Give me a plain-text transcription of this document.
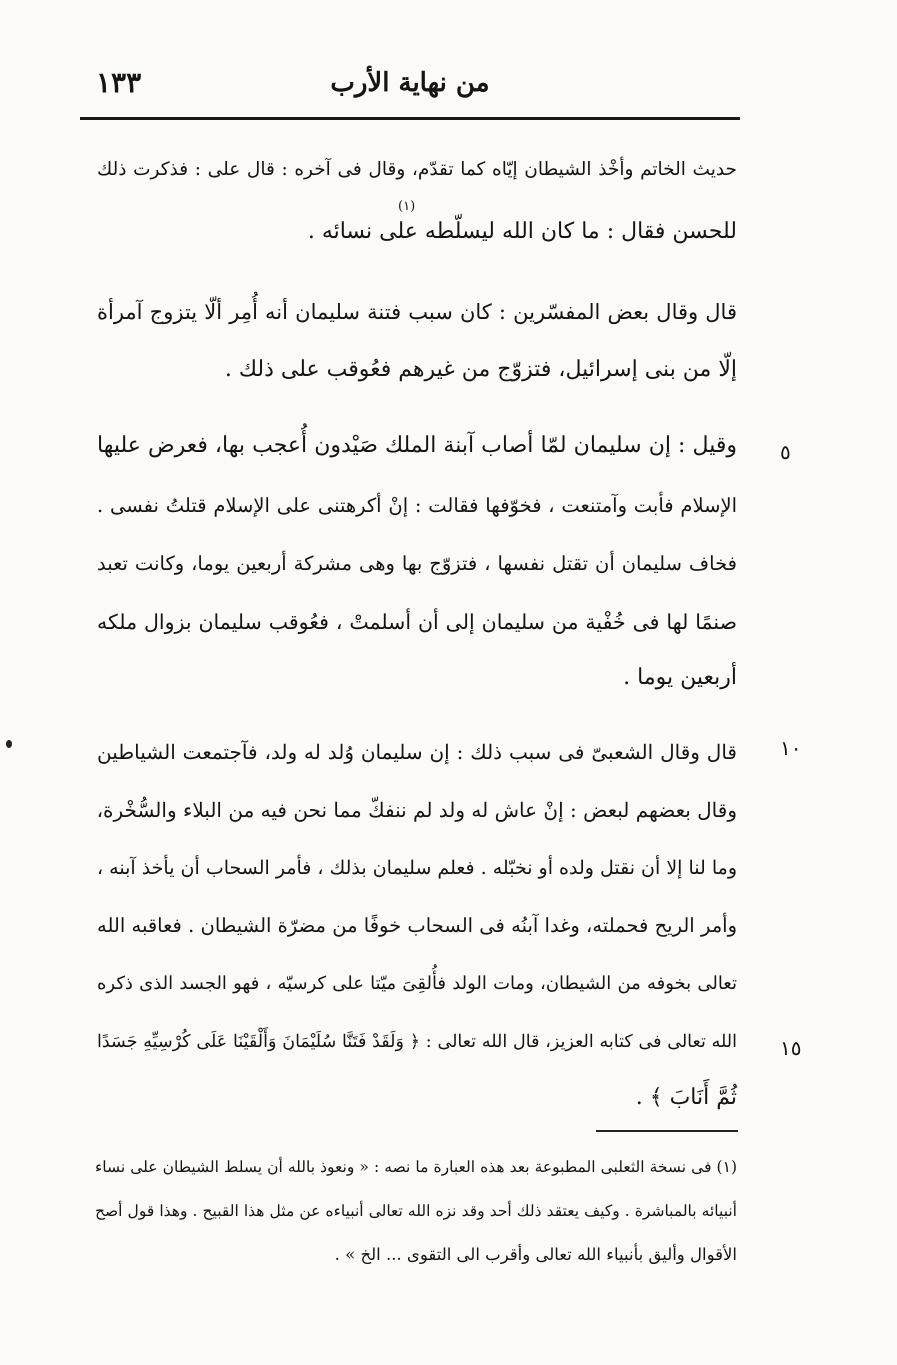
١٣٣	من نهاية الأرب
حديث الخاتم وأخْذ الشيطان إيّاه كما تقدّم، وقال فى آخره : قال على : فذكرت ذلك
(١)
للحسن فقال : ما كان الله ليسلّطه على نسائه .
قال وقال بعض المفسّرين : كان سبب فتنة سليمان أنه أُمِر ألّا يتزوج آمرأة
إلّا من بنى إسرائيل، فتزوّج من غيرهم فعُوقب على ذلك .
وقيل : إن سليمان لمّا أصاب آبنة الملك صَيْدون أُعجب بها، فعرض عليها ٥
الإسلام فأبت وآمتنعت ، فخوّفها فقالت : إنْ أكرهتنى على الإسلام قتلتُ نفسى .
فخاف سليمان أن تقتل نفسها ، فتزوّج بها وهى مشركة أربعين يوما، وكانت تعبد
صنمًا لها فى خُفْية من سليمان إلى أن أسلمتْ ، فعُوقب سليمان بزوال ملكه
أربعين يوما .
قال وقال الشعبىّ فى سبب ذلك : إن سليمان وُلد له ولد، فآجتمعت الشياطين ١٠
وقال بعضهم لبعض : إنْ عاش له ولد لم ننفكّ مما نحن فيه من البلاء والسُّخْرة،
وما لنا إلا أن نقتل ولده أو نخبّله . فعلم سليمان بذلك ، فأمر السحاب أن يأخذ آبنه ،
وأمر الريح فحملته، وغدا آبنُه فى السحاب خوفًا من مضرّة الشيطان . فعاقبه الله
تعالى بخوفه من الشيطان، ومات الولد فأُلقِىَ ميّتا على كرسيّه ، فهو الجسد الذى ذكره
الله تعالى فى كتابه العزيز، قال الله تعالى : ﴿ وَلَقَدْ فَتَنَّا سُلَيْمَانَ وَأَلْقَيْنَا عَلَى كُرْسِيِّهِ جَسَدًا ١٥
ثُمَّ أَنَابَ ﴾ .
(١) فى نسخة الثعلبى المطبوعة بعد هذه العبارة ما نصه : « ونعوذ بالله أن يسلط الشيطان على نساء
أنبيائه بالمباشرة . وكيف يعتقد ذلك أحد وقد نزه الله تعالى أنبياءه عن مثل هذا القبيح . وهذا قول أصح
الأقوال وأليق بأنبياء الله تعالى وأقرب الى التقوى ... الخ » .
